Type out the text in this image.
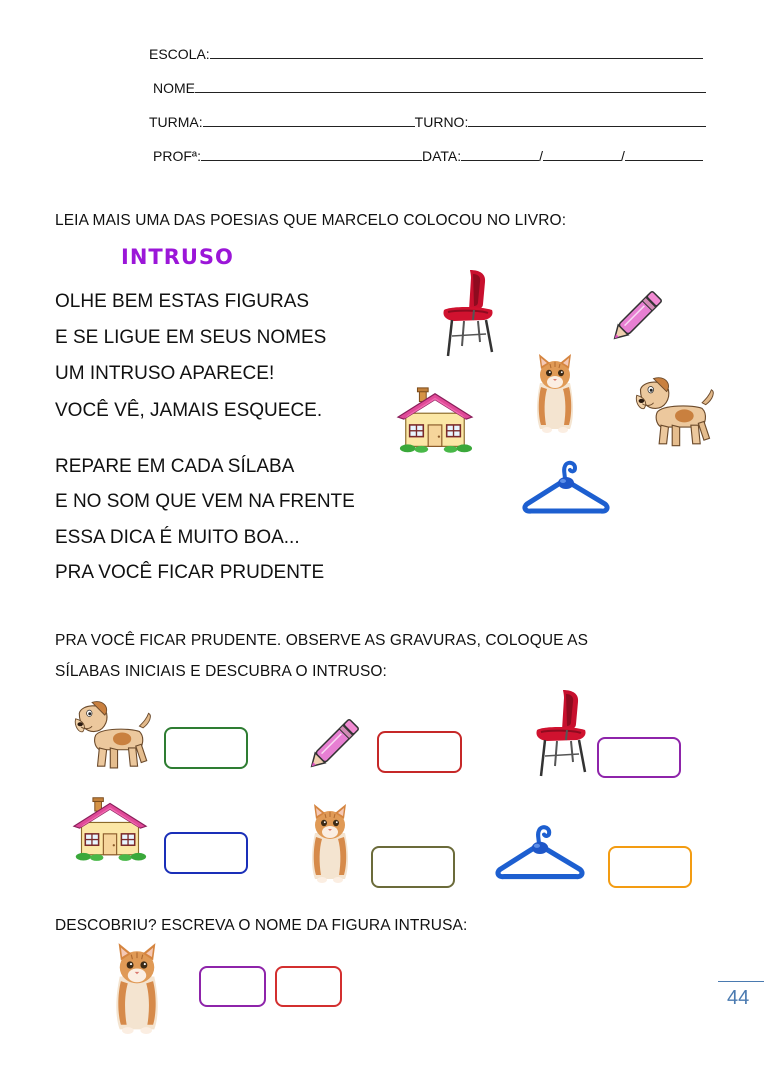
ESCOLA:
NOME
TURMA:	TURNO:
PROFª:	DATA:	/	/
LEIA MAIS UMA DAS POESIAS QUE MARCELO COLOCOU NO LIVRO:
INTRUSO
OLHE BEM ESTAS FIGURAS
E SE LIGUE EM SEUS NOMES
UM INTRUSO APARECE!
VOCÊ VÊ, JAMAIS ESQUECE.
REPARE EM CADA SÍLABA
E NO SOM QUE VEM NA FRENTE
ESSA DICA É MUITO BOA...
PRA VOCÊ FICAR PRUDENTE
PRA VOCÊ FICAR PRUDENTE. OBSERVE AS GRAVURAS, COLOQUE AS
SÍLABAS INICIAIS E DESCUBRA O INTRUSO:
DESCOBRIU? ESCREVA O NOME DA FIGURA INTRUSA:
44
